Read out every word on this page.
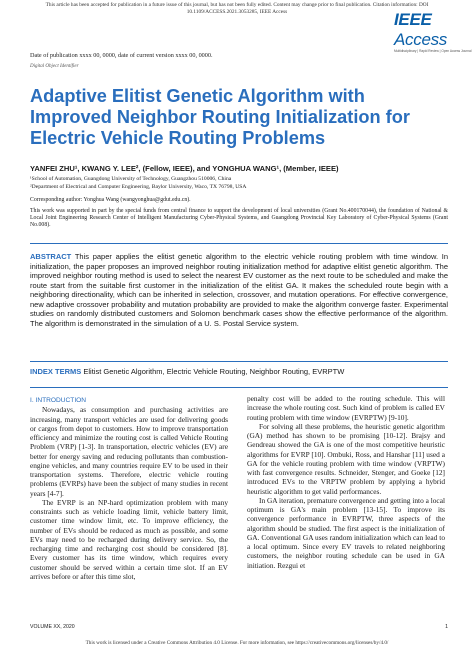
This article has been accepted for publication in a future issue of this journal, but has not been fully edited. Content may change prior to final publication. Citation information: DOI
10.1109/ACCESS.2021.3053285, IEEE Access	IEEE Access
Multidisciplinary | Rapid Review | Open Access Journal
Date of publication xxxx 00, 0000, date of current version xxxx 00, 0000.
Digital Object Identifier
Adaptive Elitist Genetic Algorithm with Improved Neighbor Routing Initialization for Electric Vehicle Routing Problems
YANFEI ZHU¹, KWANG Y. LEE², (Fellow, IEEE), and YONGHUA WANG¹, (Member, IEEE)
¹School of Automation, Guangdong University of Technology, Guangzhou 510006, China
²Department of Electrical and Computer Engineering, Baylor University, Waco, TX 76798, USA
Corresponding author: Yonghua Wang (wangyonghua@gdut.edu.cn).
This work was supported in part by the special funds from central finance to support the development of local universities (Grant No.400170044), the foundation of National & Local Joint Engineering Research Center of Intelligent Manufacturing Cyber-Physical Systems, and Guangdong Provincial Key Laboratory of Cyber-Physical Systems (Grant No.008).
ABSTRACT This paper applies the elitist genetic algorithm to the electric vehicle routing problem with time window. In initialization, the paper proposes an improved neighbor routing initialization method for adaptive elitist genetic algorithm. The improved neighbor routing method is used to select the nearest EV customer as the next route to be scheduled and make the route start from the suitable first customer in the initialization of the elitist GA. It makes the scheduled route begin with a neighboring directionality, which can be inherited in selection, crossover, and mutation operations. For effective convergence, new adaptive crossover probability and mutation probability are provided to make the algorithm converge faster. Experimental studies on randomly distributed customers and Solomon benchmark cases show the effective performance of the algorithm. The algorithm is demonstrated in the simulation of a U. S. Postal Service system.
INDEX TERMS Elitist Genetic Algorithm, Electric Vehicle Routing, Neighbor Routing, EVRPTW

I. INTRODUCTION

Nowadays, as consumption and purchasing activities are increasing, many transport vehicles are used for delivering goods or cargos from depot to customers. How to improve transportation efficiency and minimize the routing cost is called Vehicle Routing Problem (VRP) [1-3]. In transportation, electric vehicles (EV) are better for energy saving and reducing pollutants than combustion-engine vehicles, and many countries require EV to be used in their transportation systems. Therefore, electric vehicle routing problems (EVRPs) have been the subject of many studies in recent years [4-7].

The EVRP is an NP-hard optimization problem with many constraints such as vehicle loading limit, vehicle battery limit, customer time window limit, etc. To improve efficiency, the number of EVs should be reduced as much as possible, and some EVs may need to be recharged during delivery service. So, the recharging time and recharging cost should be considered [8]. Every customer has its time window, which requires every customer should be served within a certain time slot. If an EV arrives before or after this time slot,

penalty cost will be added to the routing schedule. This will increase the whole routing cost. Such kind of problem is called EV routing problem with time window (EVRPTW) [9-10].

For solving all these problems, the heuristic genetic algorithm (GA) method has shown to be promising [10-12]. Brajsy and Gendreau showed the GA is one of the most competitive heuristic algorithms for EVRP [10]. Ombuki, Ross, and Hanshar [11] used a GA for the vehicle routing problem with time window (VRPTW) with fast convergence results. Schneider, Stenger, and Goeke [12] introduced EVs to the VRPTW problem by applying a hybrid heuristic algorithm to get valid performances.

In GA iteration, premature convergence and getting into a local optimum is GA's main problem [13-15]. To improve its convergence performance in EVRPTW, three aspects of the algorithm should be studied. The first aspect is the initialization of GA. Conventional GA uses random initialization which can lead to a local optimum. Since every EV travels to related neighboring customers, the neighbor routing schedule can be used in GA initiation. Rezgui et

VOLUME XX, 2020	1
This work is licensed under a Creative Commons Attribution 4.0 License. For more information, see https://creativecommons.org/licenses/by/4.0/
